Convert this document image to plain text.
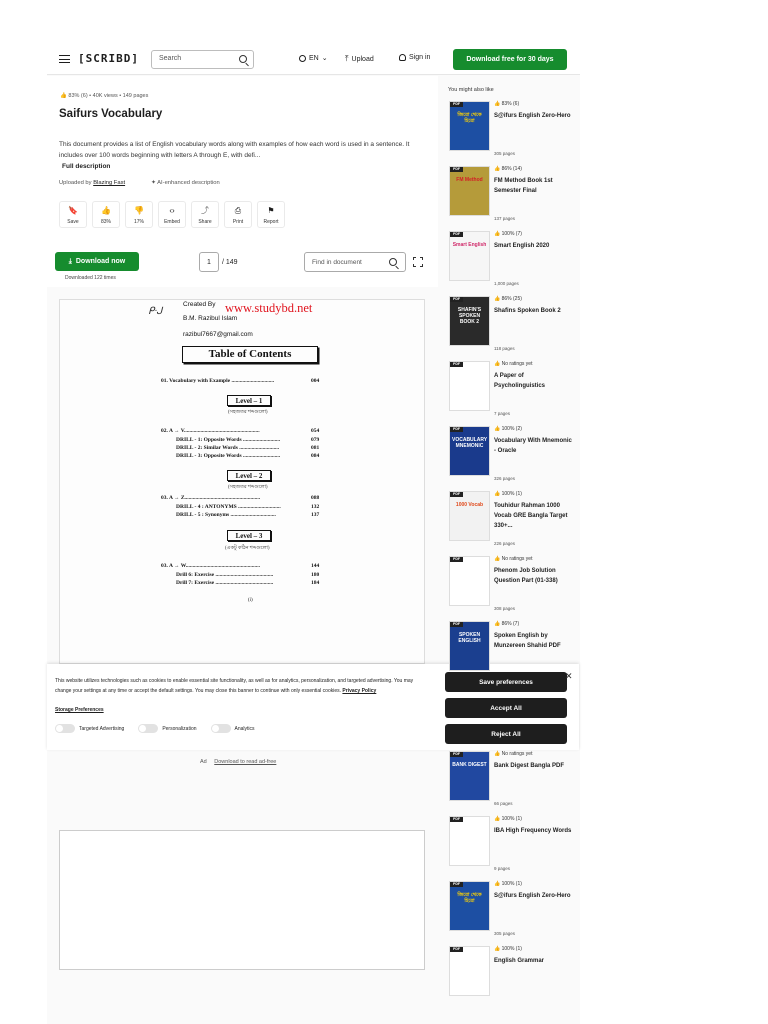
[SCRIBD]	Search	EN ⌄ ⤒ Upload	Sign in	Download free for 30 days
👍 83% (6) • 40K views • 149 pages
Saifurs Vocabulary

This document provides a list of English vocabulary words along with examples of how each word is used in a sentence. It includes over 100 words beginning with letters A through E, with defi...

Full description
Uploaded by Blazing Fast	✦ AI-enhanced description
🔖
Save
👍
83%
👎
17%
‹›
Embed
⤴
Share
⎙
Print
⚑
Report
⤓ Download now
Downloaded 122 times
1	/ 149	Find in document
ᑷᒍ
Created By www.studybd.net
B.M. Razibul Islam
razibul7667@gmail.com
Table of Contents
01. Vocabulary with Example ...............................	004
Level – 1
(সহজতর শব্দগুলো)
02. A → V.......................................................	054
DRILL - 1: Opposite Words ...........................	079
DRILL - 2: Similar Words .............................	081
DRILL - 3: Opposite Words ...........................	084
Level – 2
(সহজতর শব্দগুলো)
03. A → Z.......................................................	088
DRILL - 4 : ANTONYMS ...............................	132
DRILL - 5 : Synonyms .................................	137
Level – 3
(একটু কঠিন শব্দগুলো)
03. A → W......................................................	144
Drill 6: Exercise ..........................................	180
Drill 7: Exercise ..........................................	184
(i)
Ad Download to read ad-free

This website utilizes technologies such as cookies to enable essential site functionality, as well as for analytics, personalization, and targeted advertising. You may change your settings at any time or accept the default settings. You may close this banner to continue with only essential cookies. Privacy Policy

Storage Preferences
Targeted Advertising	Personalization	Analytics
Save preferences
Accept All
Reject All
✕
You might also like
PDF
জিরো থেকে হিরো
👍 83% (6)
S@ifurs English Zero-Hero
305 pages
PDF
FM Method
👍 86% (14)
FM Method Book 1st Semester Final
137 pages
PDF
Smart English
👍 100% (7)
Smart English 2020
1,000 pages
PDF
SHAFIN'S SPOKEN BOOK 2
👍 86% (25)
Shafins Spoken Book 2
118 pages
PDF	👍 No ratings yet
A Paper of Psycholinguistics
7 pages
PDF
VOCABULARY MNEMONIC
👍 100% (2)
Vocabulary With Mnemonic - Oracle
326 pages
PDF
1000 Vocab
👍 100% (1)
Touhidur Rahman 1000 Vocab GRE Bangla Target 330+...
226 pages
PDF	👍 No ratings yet
Phenom Job Solution Question Part (01-338)
308 pages
PDF
SPOKEN ENGLISH
👍 86% (7)
Spoken English by Munzereen Shahid PDF
PDF
BANK DIGEST
👍 No ratings yet
Bank Digest Bangla PDF
66 pages
PDF	👍 100% (1)
IBA High Frequency Words
9 pages
PDF
জিরো থেকে হিরো
👍 100% (1)
S@ifurs English Zero-Hero
305 pages
PDF	👍 100% (1)
English Grammar
